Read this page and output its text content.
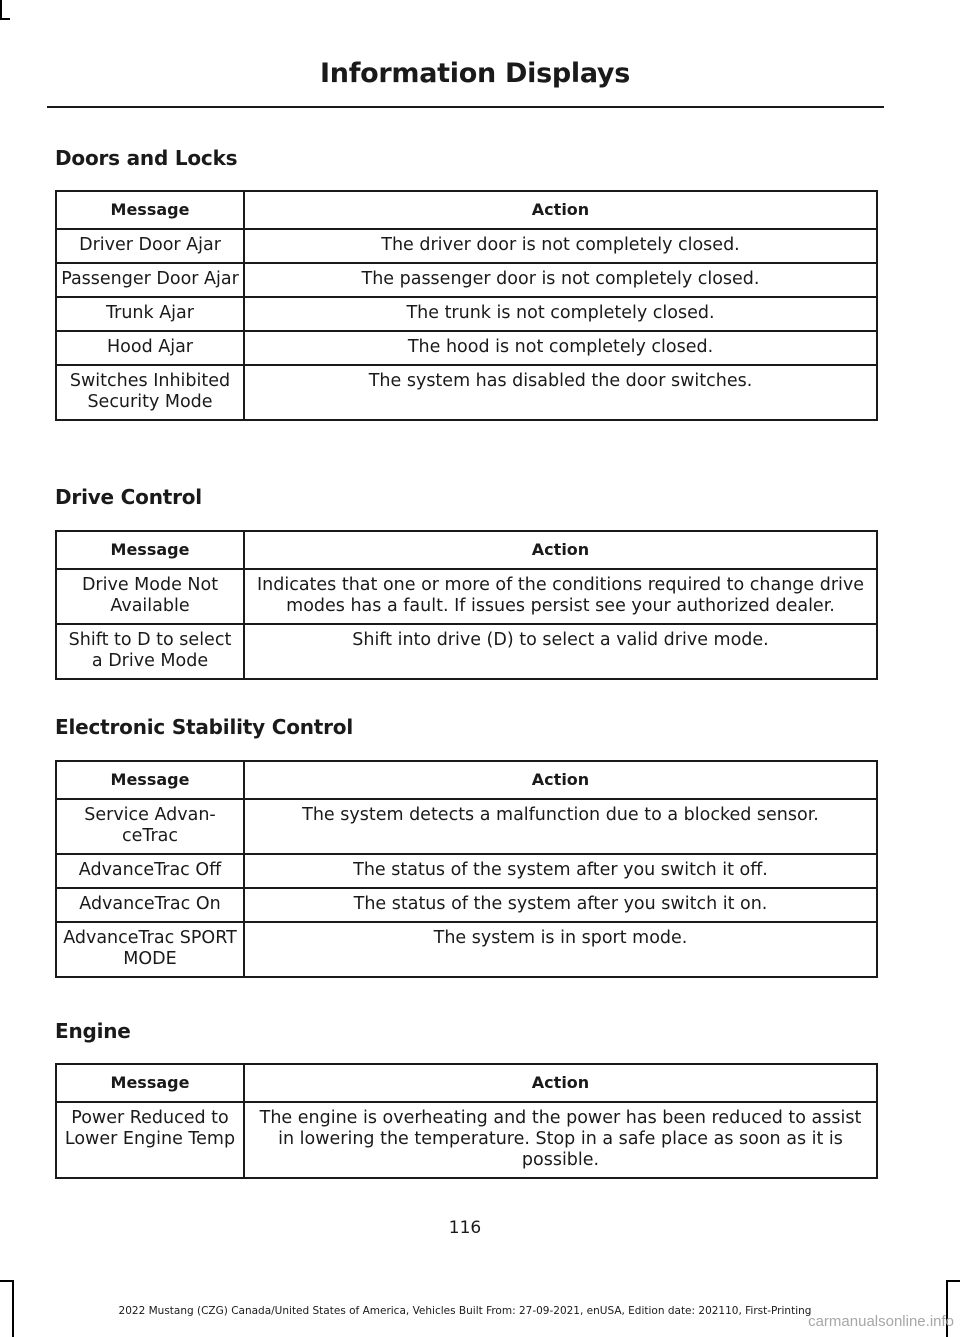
Information Displays
Doors and Locks
Message	Action
Driver Door Ajar	The driver door is not completely closed.
Passenger Door Ajar	The passenger door is not completely closed.
Trunk Ajar	The trunk is not completely closed.
Hood Ajar	The hood is not completely closed.
Switches Inhibited Security Mode	The system has disabled the door switches.
Drive Control
Message	Action
Drive Mode Not Available	Indicates that one or more of the conditions required to change drive modes has a fault. If issues persist see your authorized dealer.
Shift to D to select a Drive Mode	Shift into drive (D) to select a valid drive mode.
Electronic Stability Control
Message	Action
Service Advan-ceTrac	The system detects a malfunction due to a blocked sensor.
AdvanceTrac Off	The status of the system after you switch it off.
AdvanceTrac On	The status of the system after you switch it on.
AdvanceTrac SPORT MODE	The system is in sport mode.
Engine
Message	Action
Power Reduced to Lower Engine Temp	The engine is overheating and the power has been reduced to assist in lowering the temperature. Stop in a safe place as soon as it is possible.
116
2022 Mustang (CZG) Canada/United States of America, Vehicles Built From: 27-09-2021, enUSA, Edition date: 202110, First-Printing
carmanualsonline.info
